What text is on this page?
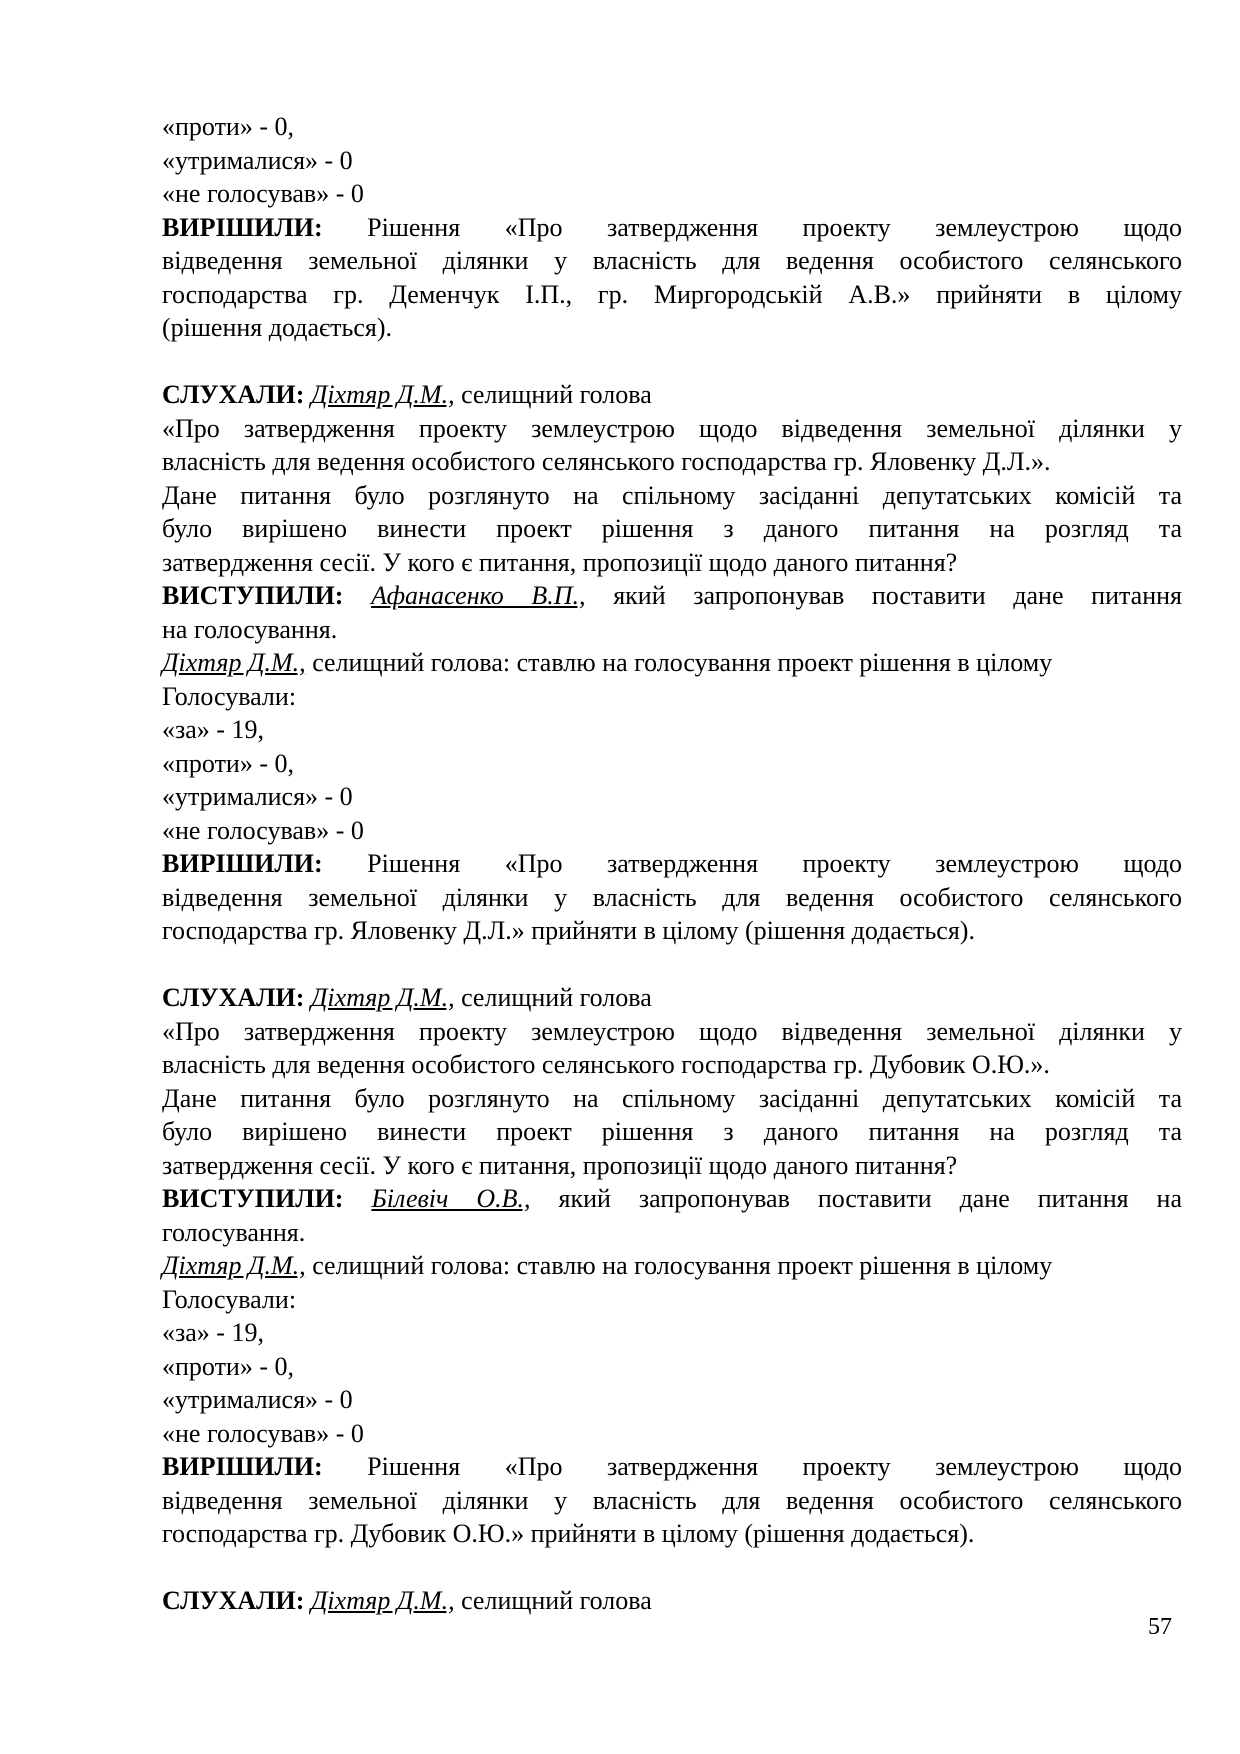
«проти» - 0,
«утрималися» - 0
«не голосував» - 0
ВИРІШИЛИ: Рішення «Про затвердження проекту землеустрою щодо
відведення земельної ділянки у власність для ведення особистого селянського
господарства гр. Деменчук І.П., гр. Миргородській А.В.» прийняти в цілому
(рішення додається).
СЛУХАЛИ: Діхтяр Д.М., селищний голова
«Про затвердження проекту землеустрою щодо відведення земельної ділянки у
власність для ведення особистого селянського господарства гр. Яловенку Д.Л.».
Дане питання було розглянуто на спільному засіданні депутатських комісій та
було вирішено винести проект рішення з даного питання на розгляд та
затвердження сесії. У кого є питання, пропозиції щодо даного питання?
ВИСТУПИЛИ: Афанасенко В.П., який запропонував поставити дане питання
на голосування.
Діхтяр Д.М., селищний голова: ставлю на голосування проект рішення в цілому
Голосували:
«за» - 19,
«проти» - 0,
«утрималися» - 0
«не голосував» - 0
ВИРІШИЛИ: Рішення «Про затвердження проекту землеустрою щодо
відведення земельної ділянки у власність для ведення особистого селянського
господарства гр. Яловенку Д.Л.» прийняти в цілому (рішення додається).
СЛУХАЛИ: Діхтяр Д.М., селищний голова
«Про затвердження проекту землеустрою щодо відведення земельної ділянки у
власність для ведення особистого селянського господарства гр. Дубовик О.Ю.».
Дане питання було розглянуто на спільному засіданні депутатських комісій та
було вирішено винести проект рішення з даного питання на розгляд та
затвердження сесії. У кого є питання, пропозиції щодо даного питання?
ВИСТУПИЛИ: Білевіч О.В., який запропонував поставити дане питання на
голосування.
Діхтяр Д.М., селищний голова: ставлю на голосування проект рішення в цілому
Голосували:
«за» - 19,
«проти» - 0,
«утрималися» - 0
«не голосував» - 0
ВИРІШИЛИ: Рішення «Про затвердження проекту землеустрою щодо
відведення земельної ділянки у власність для ведення особистого селянського
господарства гр. Дубовик О.Ю.» прийняти в цілому (рішення додається).
СЛУХАЛИ: Діхтяр Д.М., селищний голова
57
